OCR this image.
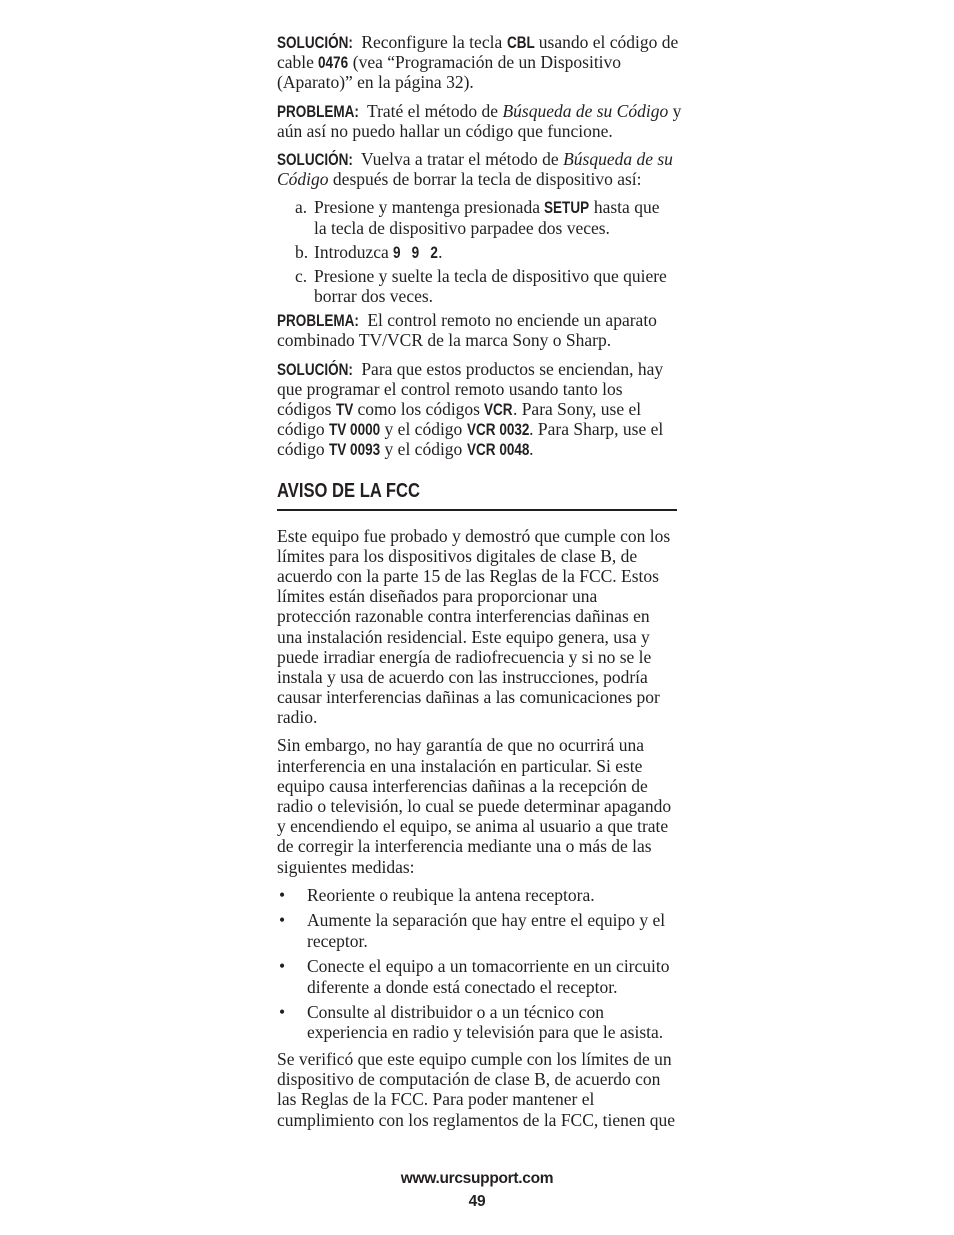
SOLUCIÓN: Reconfigure la tecla CBL usando el código de
cable 0476 (vea “Programación de un Dispositivo
(Aparato)” en la página 32).
PROBLEMA: Traté el método de Búsqueda de su Código y
aún así no puedo hallar un código que funcione.
SOLUCIÓN: Vuelva a tratar el método de Búsqueda de su
Código después de borrar la tecla de dispositivo así:
a. Presione y mantenga presionada SETUP hasta que
la tecla de dispositivo parpadee dos veces.
b. Introduzca 9 9 2.
c. Presione y suelte la tecla de dispositivo que quiere
borrar dos veces.
PROBLEMA: El control remoto no enciende un aparato
combinado TV/VCR de la marca Sony o Sharp.
SOLUCIÓN: Para que estos productos se enciendan, hay
que programar el control remoto usando tanto los
códigos TV como los códigos VCR. Para Sony, use el
código TV 0000 y el código VCR 0032. Para Sharp, use el
código TV 0093 y el código VCR 0048.
AVISO DE LA FCC
Este equipo fue probado y demostró que cumple con los
límites para los dispositivos digitales de clase B, de
acuerdo con la parte 15 de las Reglas de la FCC. Estos
límites están diseñados para proporcionar una
protección razonable contra interferencias dañinas en
una instalación residencial. Este equipo genera, usa y
puede irradiar energía de radiofrecuencia y si no se le
instala y usa de acuerdo con las instrucciones, podría
causar interferencias dañinas a las comunicaciones por
radio.
Sin embargo, no hay garantía de que no ocurrirá una
interferencia en una instalación en particular. Si este
equipo causa interferencias dañinas a la recepción de
radio o televisión, lo cual se puede determinar apagando
y encendiendo el equipo, se anima al usuario a que trate
de corregir la interferencia mediante una o más de las
siguientes medidas:
• Reoriente o reubique la antena receptora.
• Aumente la separación que hay entre el equipo y el
receptor.
• Conecte el equipo a un tomacorriente en un circuito
diferente a donde está conectado el receptor.
• Consulte al distribuidor o a un técnico con
experiencia en radio y televisión para que le asista.
Se verificó que este equipo cumple con los límites de un
dispositivo de computación de clase B, de acuerdo con
las Reglas de la FCC. Para poder mantener el
cumplimiento con los reglamentos de la FCC, tienen que
www.urcsupport.com
49
